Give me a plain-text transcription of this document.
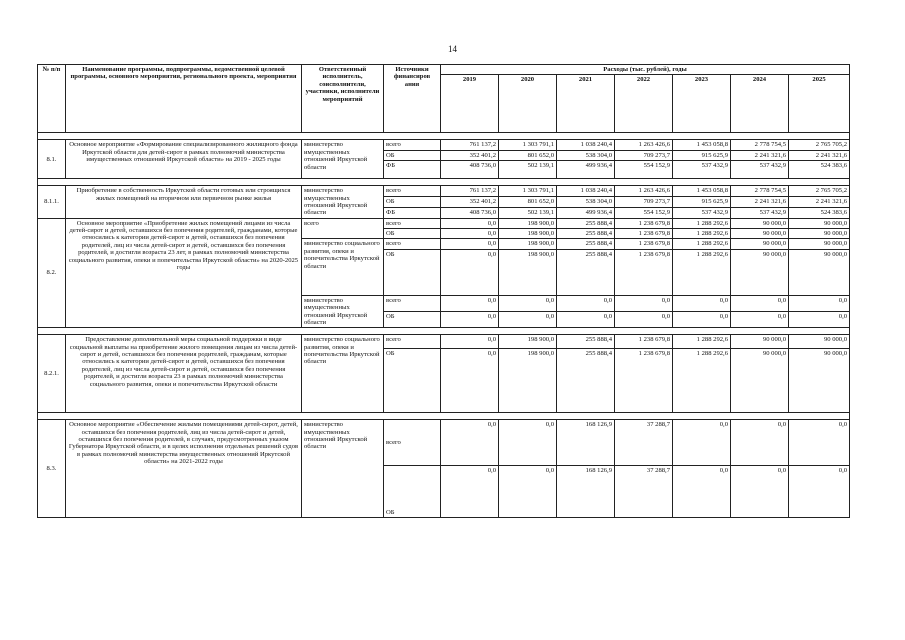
14
№ п/п	Наименование программы, подпрограммы, ведомственной целевой программы, основного мероприятия, регионального проекта, мероприятия	Ответственный исполнитель, соисполнители, участники, исполнители мероприятий	Источники финансиров ания	Расходы (тыс. рублей), годы						
				2019	2020	2021	2022	2023	2024	2025

8.1.	Основное мероприятие «Формирование специализированного жилищного фонда Иркутской области для детей-сирот в рамках полномочий министерства имущественных отношений Иркутской области» на 2019 - 2025 годы	министерство имущественных отношений Иркутской области	всего	761 137,2	1 303 791,1	1 038 240,4	1 263 426,6	1 453 058,8	2 778 754,5	2 765 705,2
			ОБ	352 401,2	801 652,0	538 304,0	709 273,7	915 625,9	2 241 321,6	2 241 321,6
			ФБ	408 736,0	502 139,1	499 936,4	554 152,9	537 432,9	537 432,9	524 383,6

8.1.1.	Приобретение в собственность Иркутской области готовых или строящихся жилых помещений на вторичном или первичном рынке жилья	министерство имущественных отношений Иркутской области	всего	761 137,2	1 303 791,1	1 038 240,4	1 263 426,6	1 453 058,8	2 778 754,5	2 765 705,2
			ОБ	352 401,2	801 652,0	538 304,0	709 273,7	915 625,9	2 241 321,6	2 241 321,6
			ФБ	408 736,0	502 139,1	499 936,4	554 152,9	537 432,9	537 432,9	524 383,6
8.2.	Основное мероприятие «Приобретение жилых помещений лицами из числа детей-сирот и детей, оставшихся без попечения родителей, гражданами, которые относились к категории детей-сирот и детей, оставшихся без попечения родителей, лиц из числа детей-сирот и детей, оставшихся без попечения родителей, и достигли возраста 23 лет, в рамках полномочий министерства социального развития, опеки и попечительства Иркутской области» на 2020-2025 годы	всего	всего	0,0	198 900,0	255 888,4	1 238 679,8	1 288 292,6	90 000,0	90 000,0
			ОБ	0,0	198 900,0	255 888,4	1 238 679,8	1 288 292,6	90 000,0	90 000,0
		министерство социального развития, опеки и попечительства Иркутской области	всего	0,0	198 900,0	255 888,4	1 238 679,8	1 288 292,6	90 000,0	90 000,0
			ОБ	0,0	198 900,0	255 888,4	1 238 679,8	1 288 292,6	90 000,0	90 000,0
		министерство имущественных отношений Иркутской области	всего	0,0	0,0	0,0	0,0	0,0	0,0	0,0
			ОБ	0,0	0,0	0,0	0,0	0,0	0,0	0,0

8.2.1.	Предоставление дополнительной меры социальной поддержки в виде социальной выплаты на приобретение жилого помещения лицам из числа детей-сирот и детей, оставшихся без попечения родителей, гражданам, которые относились к категории детей-сирот и детей, оставшихся без попечения родителей, лиц из числа детей-сирот и детей, оставшихся без попечения родителей, и достигли возраста 23 в рамках полномочий министерства социального развития, опеки и попечительства Иркутской области	министерство социального развития, опеки и попечительства Иркутской области	всего	0,0	198 900,0	255 888,4	1 238 679,8	1 288 292,6	90 000,0	90 000,0
			ОБ	0,0	198 900,0	255 888,4	1 238 679,8	1 288 292,6	90 000,0	90 000,0

8.3.	Основное мероприятие «Обеспечение жилыми помещениями детей-сирот, детей, оставшихся без попечения родителей, лиц из числа детей-сирот и детей, оставшихся без попечения родителей, в случаях, предусмотренных указом Губернатора Иркутской области, и в целях исполнения отдельных решений судов в рамках полномочий министерства имущественных отношений Иркутской области» на 2021-2022 годы	министерство имущественных отношений Иркутской области	всего	0,0	0,0	168 126,9	37 288,7	0,0	0,0	0,0
			ОБ	0,0	0,0	168 126,9	37 288,7	0,0	0,0	0,0
